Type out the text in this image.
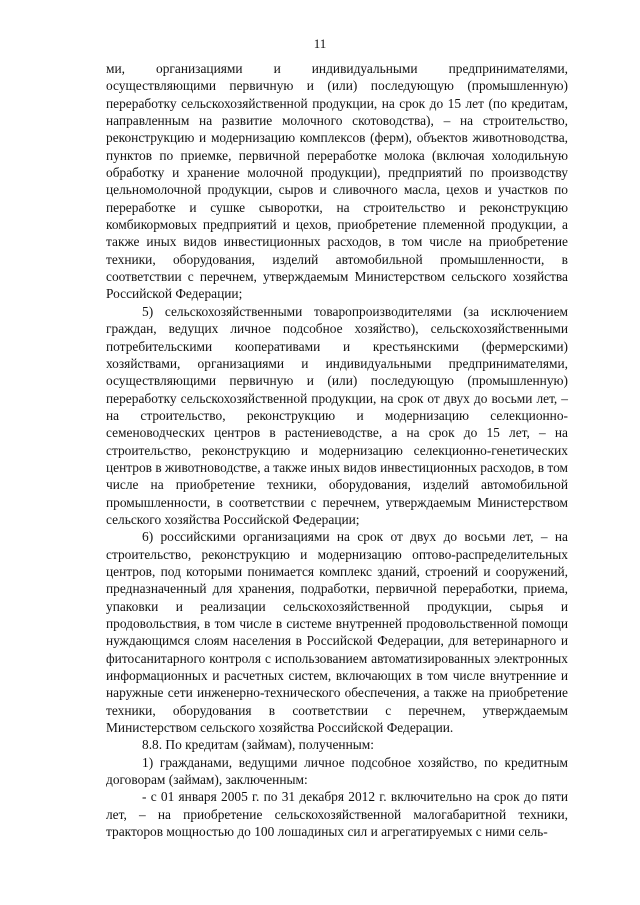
11

ми, организациями и индивидуальными предпринимателями, осуществляющими первичную и (или) последующую (промышленную) переработку сельскохозяйственной продукции, на срок до 15 лет (по кредитам, направленным на развитие молочного скотоводства), – на строительство, реконструкцию и модернизацию комплексов (ферм), объектов животноводства, пунктов по приемке, первичной переработке молока (включая холодильную обработку и хранение молочной продукции), предприятий по производству цельномолочной продукции, сыров и сливочного масла, цехов и участков по переработке и сушке сыворотки, на строительство и реконструкцию комбикормовых предприятий и цехов, приобретение племенной продукции, а также иных видов инвестиционных расходов, в том числе на приобретение техники, оборудования, изделий автомобильной промышленности, в соответствии с перечнем, утверждаемым Министерством сельского хозяйства Российской Федерации;

5) сельскохозяйственными товаропроизводителями (за исключением граждан, ведущих личное подсобное хозяйство), сельскохозяйственными потребительскими кооперативами и крестьянскими (фермерскими) хозяйствами, организациями и индивидуальными предпринимателями, осуществляющими первичную и (или) последующую (промышленную) переработку сельскохозяйственной продукции, на срок от двух до восьми лет, – на строительство, реконструкцию и модернизацию селекционно-семеноводческих центров в растениеводстве, а на срок до 15 лет, – на строительство, реконструкцию и модернизацию селекционно-генетических центров в животноводстве, а также иных видов инвестиционных расходов, в том числе на приобретение техники, оборудования, изделий автомобильной промышленности, в соответствии с перечнем, утверждаемым Министерством сельского хозяйства Российской Федерации;

6) российскими организациями на срок от двух до восьми лет, – на строительство, реконструкцию и модернизацию оптово-распределительных центров, под которыми понимается комплекс зданий, строений и сооружений, предназначенный для хранения, подработки, первичной переработки, приема, упаковки и реализации сельскохозяйственной продукции, сырья и продовольствия, в том числе в системе внутренней продовольственной помощи нуждающимся слоям населения в Российской Федерации, для ветеринарного и фитосанитарного контроля с использованием автоматизированных электронных информационных и расчетных систем, включающих в том числе внутренние и наружные сети инженерно-технического обеспечения, а также на приобретение техники, оборудования в соответствии с перечнем, утверждаемым Министерством сельского хозяйства Российской Федерации.

8.8. По кредитам (займам), полученным:

1) гражданами, ведущими личное подсобное хозяйство, по кредитным договорам (займам), заключенным:

- с 01 января 2005 г. по 31 декабря 2012 г. включительно на срок до пяти лет, – на приобретение сельскохозяйственной малогабаритной техники, тракторов мощностью до 100 лошадиных сил и агрегатируемых с ними сель-
